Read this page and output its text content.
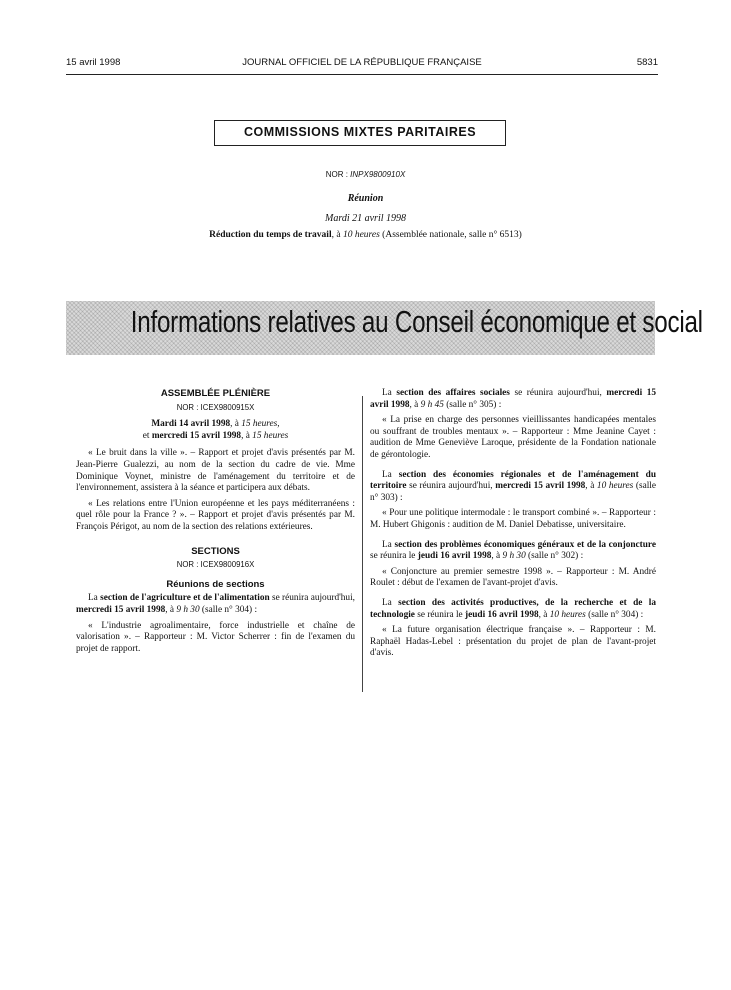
15 avril 1998	JOURNAL OFFICIEL DE LA RÉPUBLIQUE FRANÇAISE	5831
COMMISSIONS MIXTES PARITAIRES
NOR : INPX9800910X
Réunion
Mardi 21 avril 1998
Réduction du temps de travail, à 10 heures (Assemblée nationale, salle n° 6513)
Informations relatives au Conseil économique et social
ASSEMBLÉE PLÉNIÈRE
NOR : ICEX9800915X

Mardi 14 avril 1998, à 15 heures,

et mercredi 15 avril 1998, à 15 heures

« Le bruit dans la ville ». – Rapport et projet d'avis présentés par M. Jean-Pierre Gualezzi, au nom de la section du cadre de vie. Mme Dominique Voynet, ministre de l'aménagement du territoire et de l'environnement, assistera à la séance et participera aux débats.

« Les relations entre l'Union européenne et les pays méditerranéens : quel rôle pour la France ? ». – Rapport et projet d'avis présentés par M. François Périgot, au nom de la section des relations extérieures.

SECTIONS
NOR : ICEX9800916X
Réunions de sections

La section de l'agriculture et de l'alimentation se réunira aujourd'hui, mercredi 15 avril 1998, à 9 h 30 (salle n° 304) :

« L'industrie agroalimentaire, force industrielle et chaîne de valorisation ». – Rapporteur : M. Victor Scherrer : fin de l'examen du projet de rapport.

La section des affaires sociales se réunira aujourd'hui, mercredi 15 avril 1998, à 9 h 45 (salle n° 305) :

« La prise en charge des personnes vieillissantes handicapées mentales ou souffrant de troubles mentaux ». – Rapporteur : Mme Jeanine Cayet : audition de Mme Geneviève Laroque, présidente de la Fondation nationale de gérontologie.

La section des économies régionales et de l'aménagement du territoire se réunira aujourd'hui, mercredi 15 avril 1998, à 10 heures (salle n° 303) :

« Pour une politique intermodale : le transport combiné ». – Rapporteur : M. Hubert Ghigonis : audition de M. Daniel Debatisse, universitaire.

La section des problèmes économiques généraux et de la conjoncture se réunira le jeudi 16 avril 1998, à 9 h 30 (salle n° 302) :

« Conjoncture au premier semestre 1998 ». – Rapporteur : M. André Roulet : début de l'examen de l'avant-projet d'avis.

La section des activités productives, de la recherche et de la technologie se réunira le jeudi 16 avril 1998, à 10 heures (salle n° 304) :

« La future organisation électrique française ». – Rapporteur : M. Raphaël Hadas-Lebel : présentation du projet de plan de l'avant-projet d'avis.
